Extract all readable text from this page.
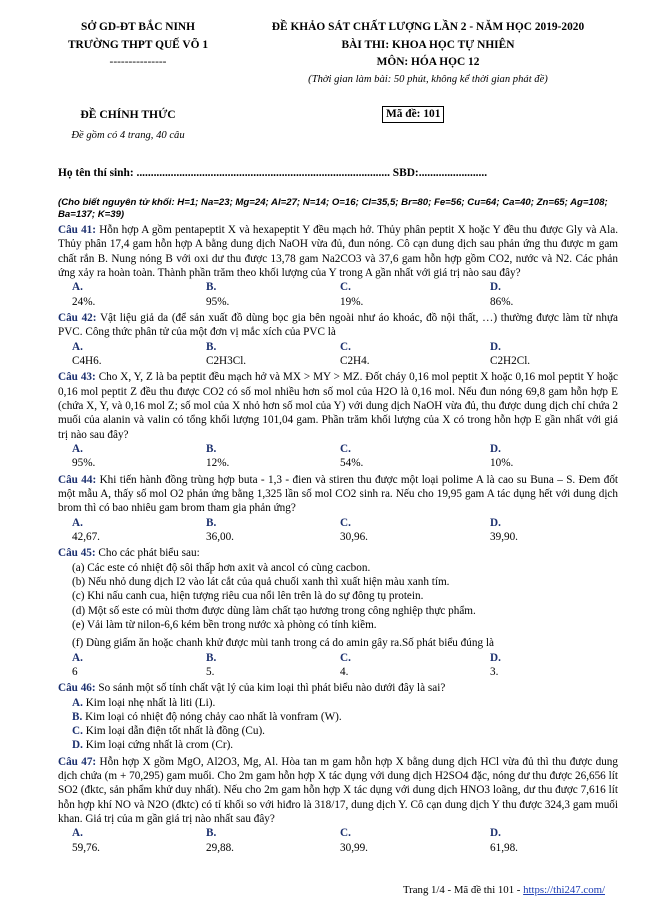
SỞ GD-ĐT BẮC NINH
TRƯỜNG THPT QUẾ VÕ 1
---------------
ĐỀ KHẢO SÁT CHẤT LƯỢNG LẦN 2 - NĂM HỌC 2019-2020
BÀI THI: KHOA HỌC TỰ NHIÊN
MÔN: HÓA HỌC 12
(Thời gian làm bài: 50 phút, không kể thời gian phát đề)
ĐỀ CHÍNH THỨC
Đề gồm có 4 trang, 40 câu
Mã đề: 101
Họ tên thí sinh: ......................................................................................... SBD:........................
(Cho biết nguyên tử khối: H=1; Na=23; Mg=24; Al=27; N=14; O=16; Cl=35,5; Br=80; Fe=56; Cu=64; Ca=40; Zn=65; Ag=108; Ba=137; K=39)

Câu 41: Hỗn hợp A gồm pentapeptit X và hexapeptit Y đều mạch hở. Thủy phân peptit X hoặc Y đều thu được Gly và Ala. Thủy phân 17,4 gam hỗn hợp A bằng dung dịch NaOH vừa đủ, đun nóng. Cô cạn dung dịch sau phản ứng thu được m gam chất rắn B. Nung nóng B với oxi dư thu được 13,78 gam Na2CO3 và 37,6 gam hỗn hợp gồm CO2, nước và N2. Các phản ứng xảy ra hoàn toàn. Thành phần trăm theo khối lượng của Y trong A gần nhất với giá trị nào sau đây?

A.
24%.
B.
95%.
C.
19%.
D.
86%.

Câu 42: Vật liệu giả da (để sản xuất đồ dùng bọc gia bên ngoài như áo khoác, đồ nội thất, …) thường được làm từ nhựa PVC. Công thức phân tử của một đơn vị mắc xích của PVC là

A.
C4H6.
B.
C2H3Cl.
C.
C2H4.
D.
C2H2Cl.

Câu 43: Cho X, Y, Z là ba peptit đều mạch hở và MX > MY > MZ. Đốt cháy 0,16 mol peptit X hoặc 0,16 mol peptit Y hoặc 0,16 mol peptit Z đều thu được CO2 có số mol nhiều hơn số mol của H2O là 0,16 mol. Nếu đun nóng 69,8 gam hỗn hợp E (chứa X, Y, và 0,16 mol Z; số mol của X nhỏ hơn số mol của Y) với dung dịch NaOH vừa đủ, thu được dung dịch chỉ chứa 2 muối của alanin và valin có tổng khối lượng 101,04 gam. Phần trăm khối lượng của X có trong hỗn hợp E gần nhất với giá trị nào sau đây?

A.
95%.
B.
12%.
C.
54%.
D.
10%.

Câu 44: Khi tiến hành đồng trùng hợp buta - 1,3 - đien và stiren thu được một loại polime A là cao su Buna – S. Đem đốt một mẫu A, thấy số mol O2 phản ứng bằng 1,325 lần số mol CO2 sinh ra. Nếu cho 19,95 gam A tác dụng hết với dung dịch brom thì có bao nhiêu gam brom tham gia phản ứng?

A.
42,67.
B.
36,00.
C.
30,96.
D.
39,90.

Câu 45: Cho các phát biểu sau:

(a) Các este có nhiệt độ sôi thấp hơn axit và ancol có cùng cacbon.

(b) Nếu nhỏ dung dịch I2 vào lát cắt của quả chuối xanh thì xuất hiện màu xanh tím.

(c) Khi nấu canh cua, hiện tượng riêu cua nổi lên trên là do sự đông tụ protein.

(d) Một số este có mùi thơm được dùng làm chất tạo hương trong công nghiệp thực phẩm.

(e) Vải làm từ nilon-6,6 kém bền trong nước xà phòng có tính kiềm.

(f) Dùng giấm ăn hoặc chanh khử được mùi tanh trong cá do amin gây ra.Số phát biểu đúng là

A.
6
B.
5.
C.
4.
D.
3.

Câu 46: So sánh một số tính chất vật lý của kim loại thì phát biểu nào dưới đây là sai?

A. Kim loại nhẹ nhất là liti (Li).
B. Kim loại có nhiệt độ nóng chảy cao nhất là vonfram (W).
C. Kim loại dẫn điện tốt nhất là đồng (Cu).
D. Kim loại cứng nhất là crom (Cr).

Câu 47: Hỗn hợp X gồm MgO, Al2O3, Mg, Al. Hòa tan m gam hỗn hợp X bằng dung dịch HCl vừa đủ thì thu được dung dịch chứa (m + 70,295) gam muối. Cho 2m gam hỗn hợp X tác dụng với dung dịch H2SO4 đặc, nóng dư thu được 26,656 lít SO2 (đktc, sản phẩm khử duy nhất). Nếu cho 2m gam hỗn hợp X tác dụng với dung dịch HNO3 loãng, dư thu được 7,616 lít hỗn hợp khí NO và N2O (đktc) có tỉ khối so với hiđro là 318/17, dung dịch Y. Cô cạn dung dịch Y thu được 324,3 gam muối khan. Giá trị của m gần giá trị nào nhất sau đây?

A.
59,76.
B.
29,88.
C.
30,99.
D.
61,98.
Trang 1/4 - Mã đề thi 101 - https://thi247.com/
